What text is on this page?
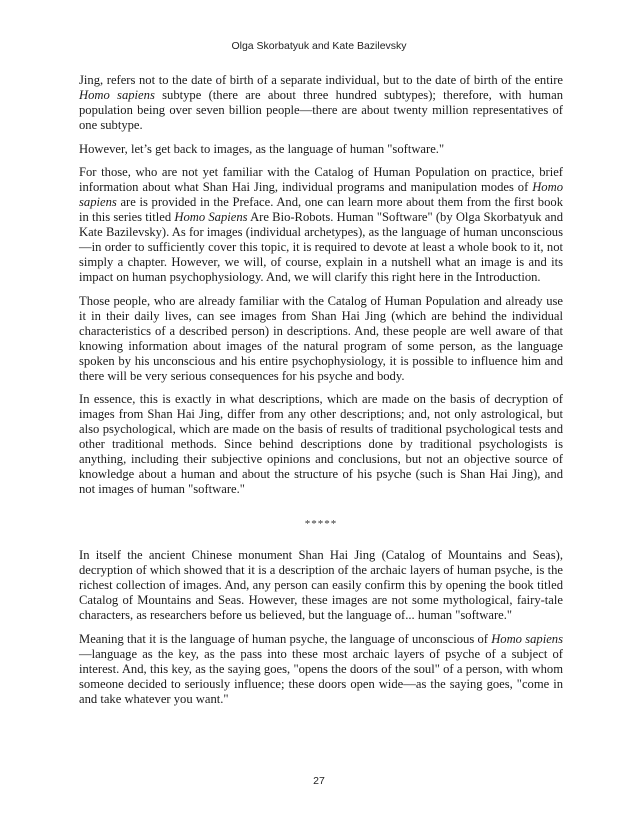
Olga Skorbatyuk and Kate Bazilevsky

Jing, refers not to the date of birth of a separate individual, but to the date of birth of the entire Homo sapiens subtype (there are about three hundred subtypes); therefore, with human population being over seven billion people—there are about twenty million representatives of one subtype.

However, let’s get back to images, as the language of human "software."

For those, who are not yet familiar with the Catalog of Human Population on practice, brief information about what Shan Hai Jing, individual programs and manipulation modes of Homo sapiens are is provided in the Preface. And, one can learn more about them from the first book in this series titled Homo Sapiens Are Bio-Robots. Human "Software" (by Olga Skorbatyuk and Kate Bazilevsky). As for images (individual archetypes), as the language of human unconscious—in order to sufficiently cover this topic, it is required to devote at least a whole book to it, not simply a chapter. However, we will, of course, explain in a nutshell what an image is and its impact on human psychophysiology. And, we will clarify this right here in the Introduction.

Those people, who are already familiar with the Catalog of Human Population and already use it in their daily lives, can see images from Shan Hai Jing (which are behind the individual characteristics of a described person) in descriptions. And, these people are well aware of that knowing information about images of the natural program of some person, as the language spoken by his unconscious and his entire psychophysiology, it is possible to influence him and there will be very serious consequences for his psyche and body.

In essence, this is exactly in what descriptions, which are made on the basis of decryption of images from Shan Hai Jing, differ from any other descriptions; and, not only astrological, but also psychological, which are made on the basis of results of traditional psychological tests and other traditional methods. Since behind descriptions done by traditional psychologists is anything, including their subjective opinions and conclusions, but not an objective source of knowledge about a human and about the structure of his psyche (such is Shan Hai Jing), and not images of human "software."

*****

In itself the ancient Chinese monument Shan Hai Jing (Catalog of Mountains and Seas), decryption of which showed that it is a description of the archaic layers of human psyche, is the richest collection of images. And, any person can easily confirm this by opening the book titled Catalog of Mountains and Seas. However, these images are not some mythological, fairy-tale characters, as researchers before us believed, but the language of... human "software."

Meaning that it is the language of human psyche, the language of unconscious of Homo sapiens—language as the key, as the pass into these most archaic layers of psyche of a subject of interest. And, this key, as the saying goes, "opens the doors of the soul" of a person, with whom someone decided to seriously influence; these doors open wide—as the saying goes, "come in and take whatever you want."

27
